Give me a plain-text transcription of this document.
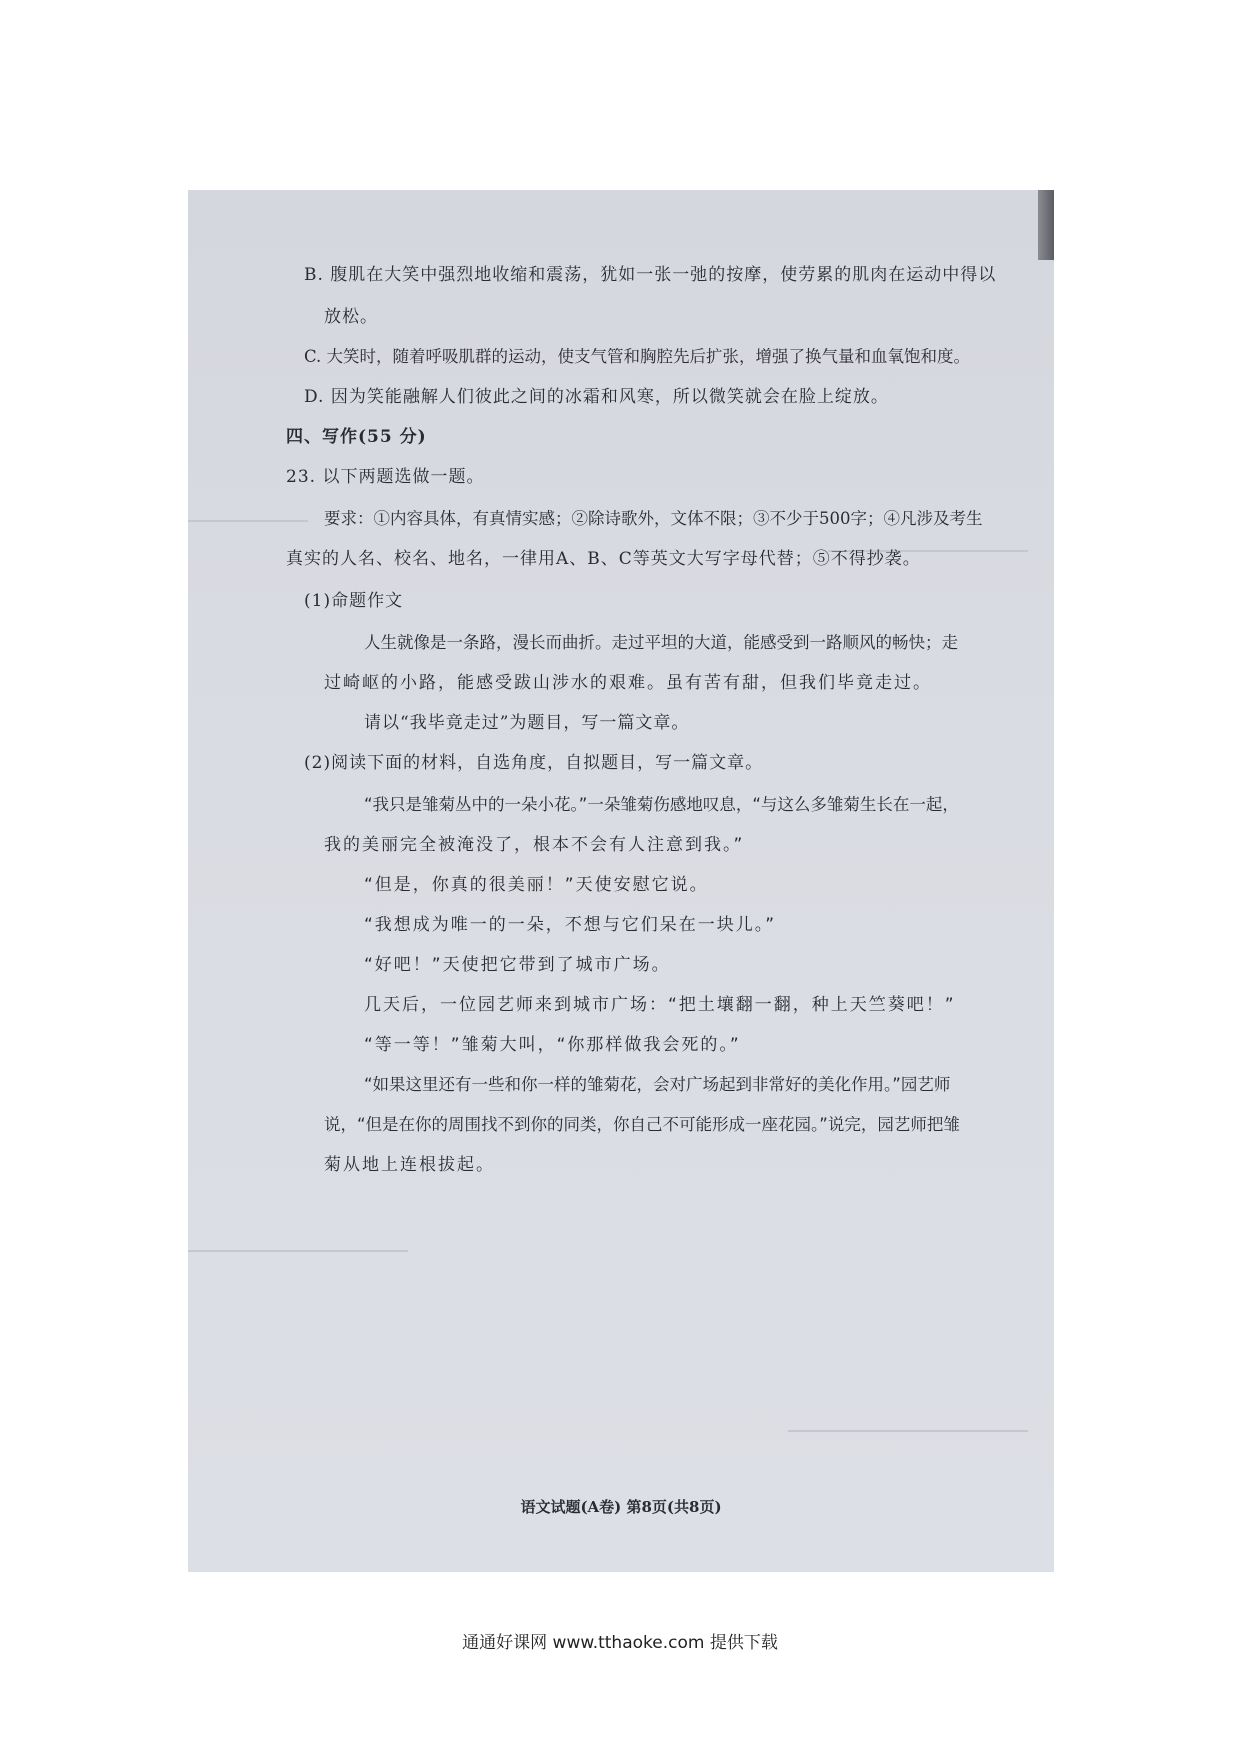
B. 腹肌在大笑中强烈地收缩和震荡，犹如一张一弛的按摩，使劳累的肌肉在运动中得以
放松。
C. 大笑时，随着呼吸肌群的运动，使支气管和胸腔先后扩张，增强了换气量和血氧饱和度。
D. 因为笑能融解人们彼此之间的冰霜和风寒，所以微笑就会在脸上绽放。
四、写作(55 分)
23. 以下两题选做一题。
要求：①内容具体，有真情实感；②除诗歌外，文体不限；③不少于500字；④凡涉及考生
真实的人名、校名、地名，一律用A、B、C等英文大写字母代替；⑤不得抄袭。
(1)命题作文
人生就像是一条路，漫长而曲折。走过平坦的大道，能感受到一路顺风的畅快；走
过崎岖的小路，能感受跋山涉水的艰难。虽有苦有甜，但我们毕竟走过。
请以“我毕竟走过”为题目，写一篇文章。
(2)阅读下面的材料，自选角度，自拟题目，写一篇文章。
“我只是雏菊丛中的一朵小花。”一朵雏菊伤感地叹息，“与这么多雏菊生长在一起，
我的美丽完全被淹没了，根本不会有人注意到我。”
“但是，你真的很美丽！”天使安慰它说。
“我想成为唯一的一朵，不想与它们呆在一块儿。”
“好吧！”天使把它带到了城市广场。
几天后，一位园艺师来到城市广场：“把土壤翻一翻，种上天竺葵吧！”
“等一等！”雏菊大叫，“你那样做我会死的。”
“如果这里还有一些和你一样的雏菊花，会对广场起到非常好的美化作用。”园艺师
说，“但是在你的周围找不到你的同类，你自己不可能形成一座花园。”说完，园艺师把雏
菊从地上连根拔起。
语文试题(A卷) 第8页(共8页)
通通好课网 www.tthaoke.com 提供下载
